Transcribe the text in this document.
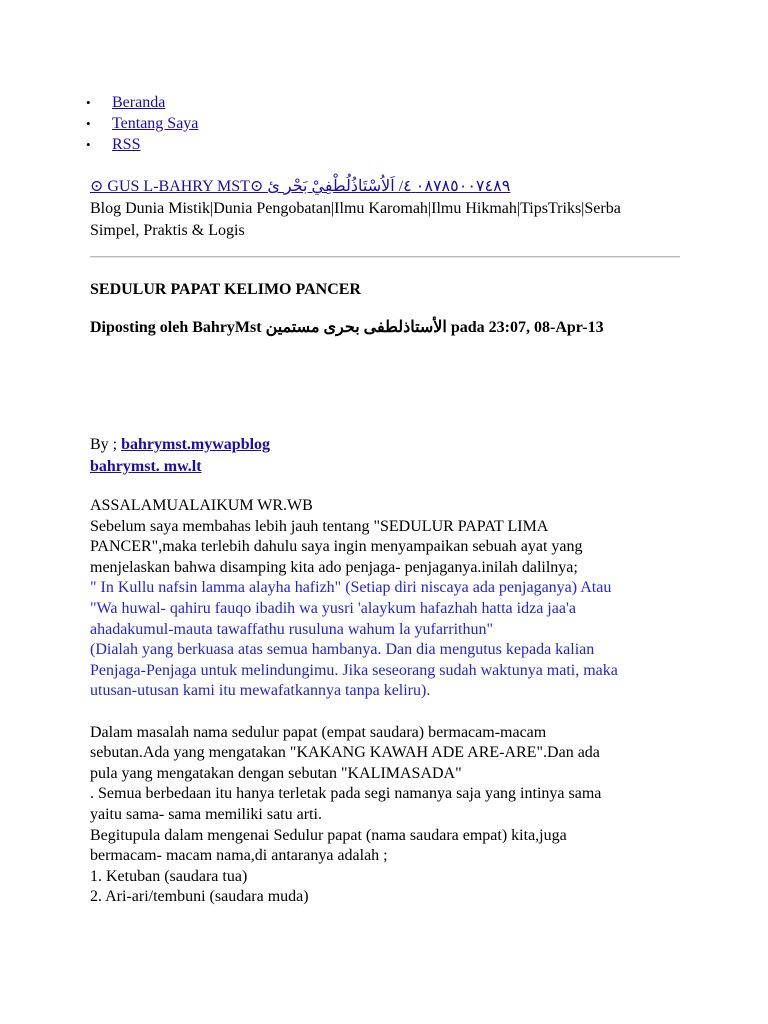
• Beranda
• Tentang Saya
• RSS
⊙ GUS L-BAHRY MST⊙ ٠٨٧٨٥٠٠٧٤٨٩ ٤/ اَلاُسْتَاذُلُطْفِيْ بَحْر ئ
Blog Dunia Mistik|Dunia Pengobatan|Ilmu Karomah|Ilmu Hikmah|TipsTriks|Serba
Simpel, Praktis & Logis
SEDULUR PAPAT KELIMO PANCER

Diposting oleh BahryMst الأستاذلطفى بحرى مستمين pada 23:07, 08-Apr-13

By ; bahrymst.mywapblog
bahrymst. mw.lt

ASSALAMUALAIKUM WR.WB

Sebelum saya membahas lebih jauh tentang "SEDULUR PAPAT LIMA

PANCER",maka terlebih dahulu saya ingin menyampaikan sebuah ayat yang

menjelaskan bahwa disamping kita ado penjaga- penjaganya.inilah dalilnya;

" In Kullu nafsin lamma alayha hafizh" (Setiap diri niscaya ada penjaganya) Atau

"Wa huwal- qahiru fauqo ibadih wa yusri 'alaykum hafazhah hatta idza jaa'a

ahadakumul-mauta tawaffathu rusuluna wahum la yufarrithun"

(Dialah yang berkuasa atas semua hambanya. Dan dia mengutus kepada kalian

Penjaga-Penjaga untuk melindungimu. Jika seseorang sudah waktunya mati, maka

utusan-utusan kami itu mewafatkannya tanpa keliru).

Dalam masalah nama sedulur papat (empat saudara) bermacam-macam

sebutan.Ada yang mengatakan "KAKANG KAWAH ADE ARE-ARE".Dan ada

pula yang mengatakan dengan sebutan "KALIMASADA"

. Semua berbedaan itu hanya terletak pada segi namanya saja yang intinya sama

yaitu sama- sama memiliki satu arti.

Begitupula dalam mengenai Sedulur papat (nama saudara empat) kita,juga

bermacam- macam nama,di antaranya adalah ;

1. Ketuban (saudara tua)

2. Ari-ari/tembuni (saudara muda)
